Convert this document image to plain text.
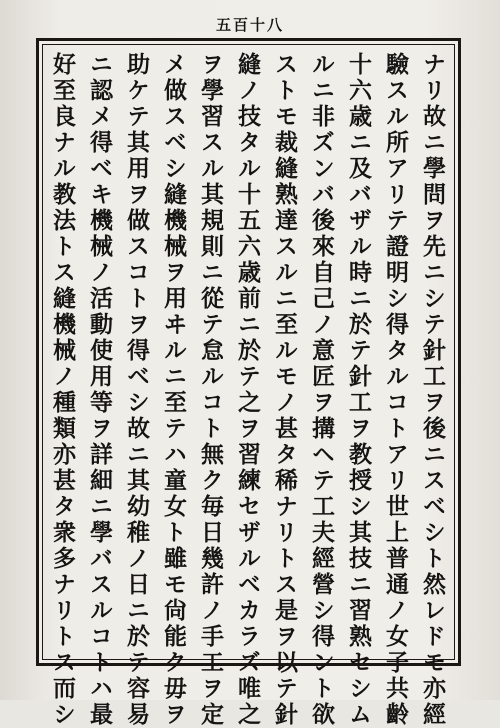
五百十八
ナリ故ニ學問ヲ先ニシテ針工ヲ後ニスベシト然レドモ亦經
驗スル所アリテ證明シ得タルコトアリ世上普通ノ女子共齡
十六歳ニ及バザル時ニ於テ針工ヲ教授シ其技ニ習熟セシム
ルニ非ズンバ後來自己ノ意匠ヲ搆ヘテ工夫經營シ得ント欲
ストモ裁縫熟達スルニ至ルモノ甚タ稀ナリトス是ヲ以テ針
縫ノ技タル十五六歳前ニ於テ之ヲ習練セザルベカラズ唯之
ヲ學習スル其規則ニ從テ怠ルコト無ク毎日幾許ノ手工ヲ定
メ做スベシ縫機械ヲ用ヰルニ至テハ童女ト雖モ尙能ク毋ヲ
助ケテ其用ヲ做スコトヲ得ベシ故ニ其幼稚ノ日ニ於テ容易
ニ認メ得ベキ機械ノ活動使用等ヲ詳細ニ學バスルコトハ最
好至良ナル教法トス縫機械ノ種類亦甚タ衆多ナリトス而シ
